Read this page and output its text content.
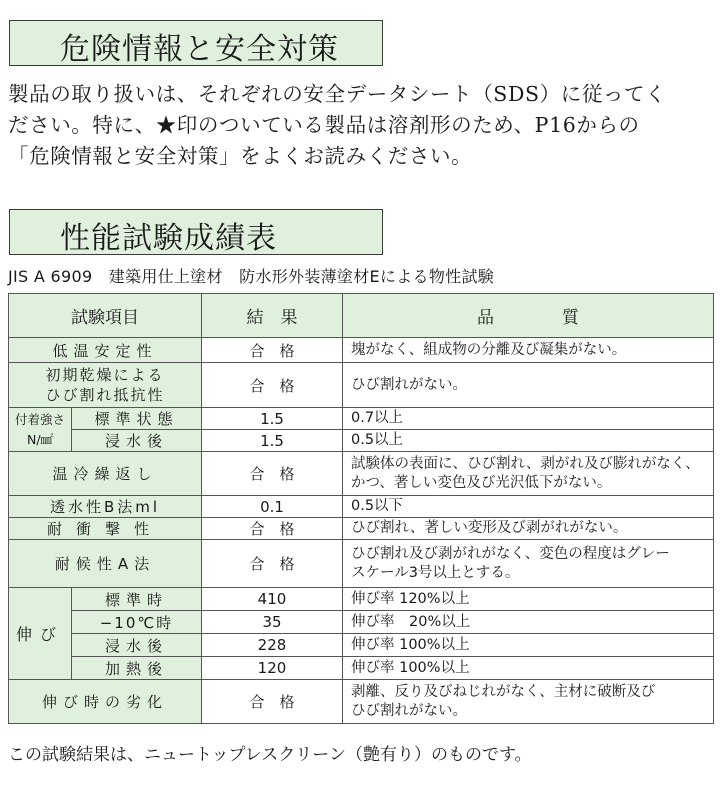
危険情報と安全対策
製品の取り扱いは、それぞれの安全データシート（SDS）に従ってく
ださい。特に、★印のついている製品は溶剤形のため、P16からの
「危険情報と安全対策」をよくお読みください。
性能試験成績表
JIS A 6909　建築用仕上塗材　防水形外装薄塗材Eによる物性試験
試験項目		結　果	品　　　　質
低温安定性		合　格	塊がなく、組成物の分離及び凝集がない。

初期乾燥による
ひび割れ抵抗性		合　格	ひび割れがない。

付着強さ
N/㎟	標準状態	1.5	0.7以上
	浸水後	1.5	0.5以上
温冷繰返し		合　格	試験体の表面に、ひび割れ、剥がれ及び膨れがなく、
かつ、著しい変色及び光沢低下がない。

透水性B法ml		0.1	0.5以下
耐衝撃性		合　格	ひび割れ、著しい変形及び剥がれがない。
耐候性A法		合　格	ひび割れ及び剥がれがなく、変色の程度はグレー
スケール3号以上とする。

伸び	標準時	410	伸び率 120%以上
	−10℃時	35	伸び率　20%以上
	浸水後	228	伸び率 100%以上
	加熱後	120	伸び率 100%以上
伸び時の劣化		合　格	剥離、反り及びねじれがなく、主材に破断及び
ひび割れがない。
この試験結果は、ニュートップレスクリーン（艶有り）のものです。
